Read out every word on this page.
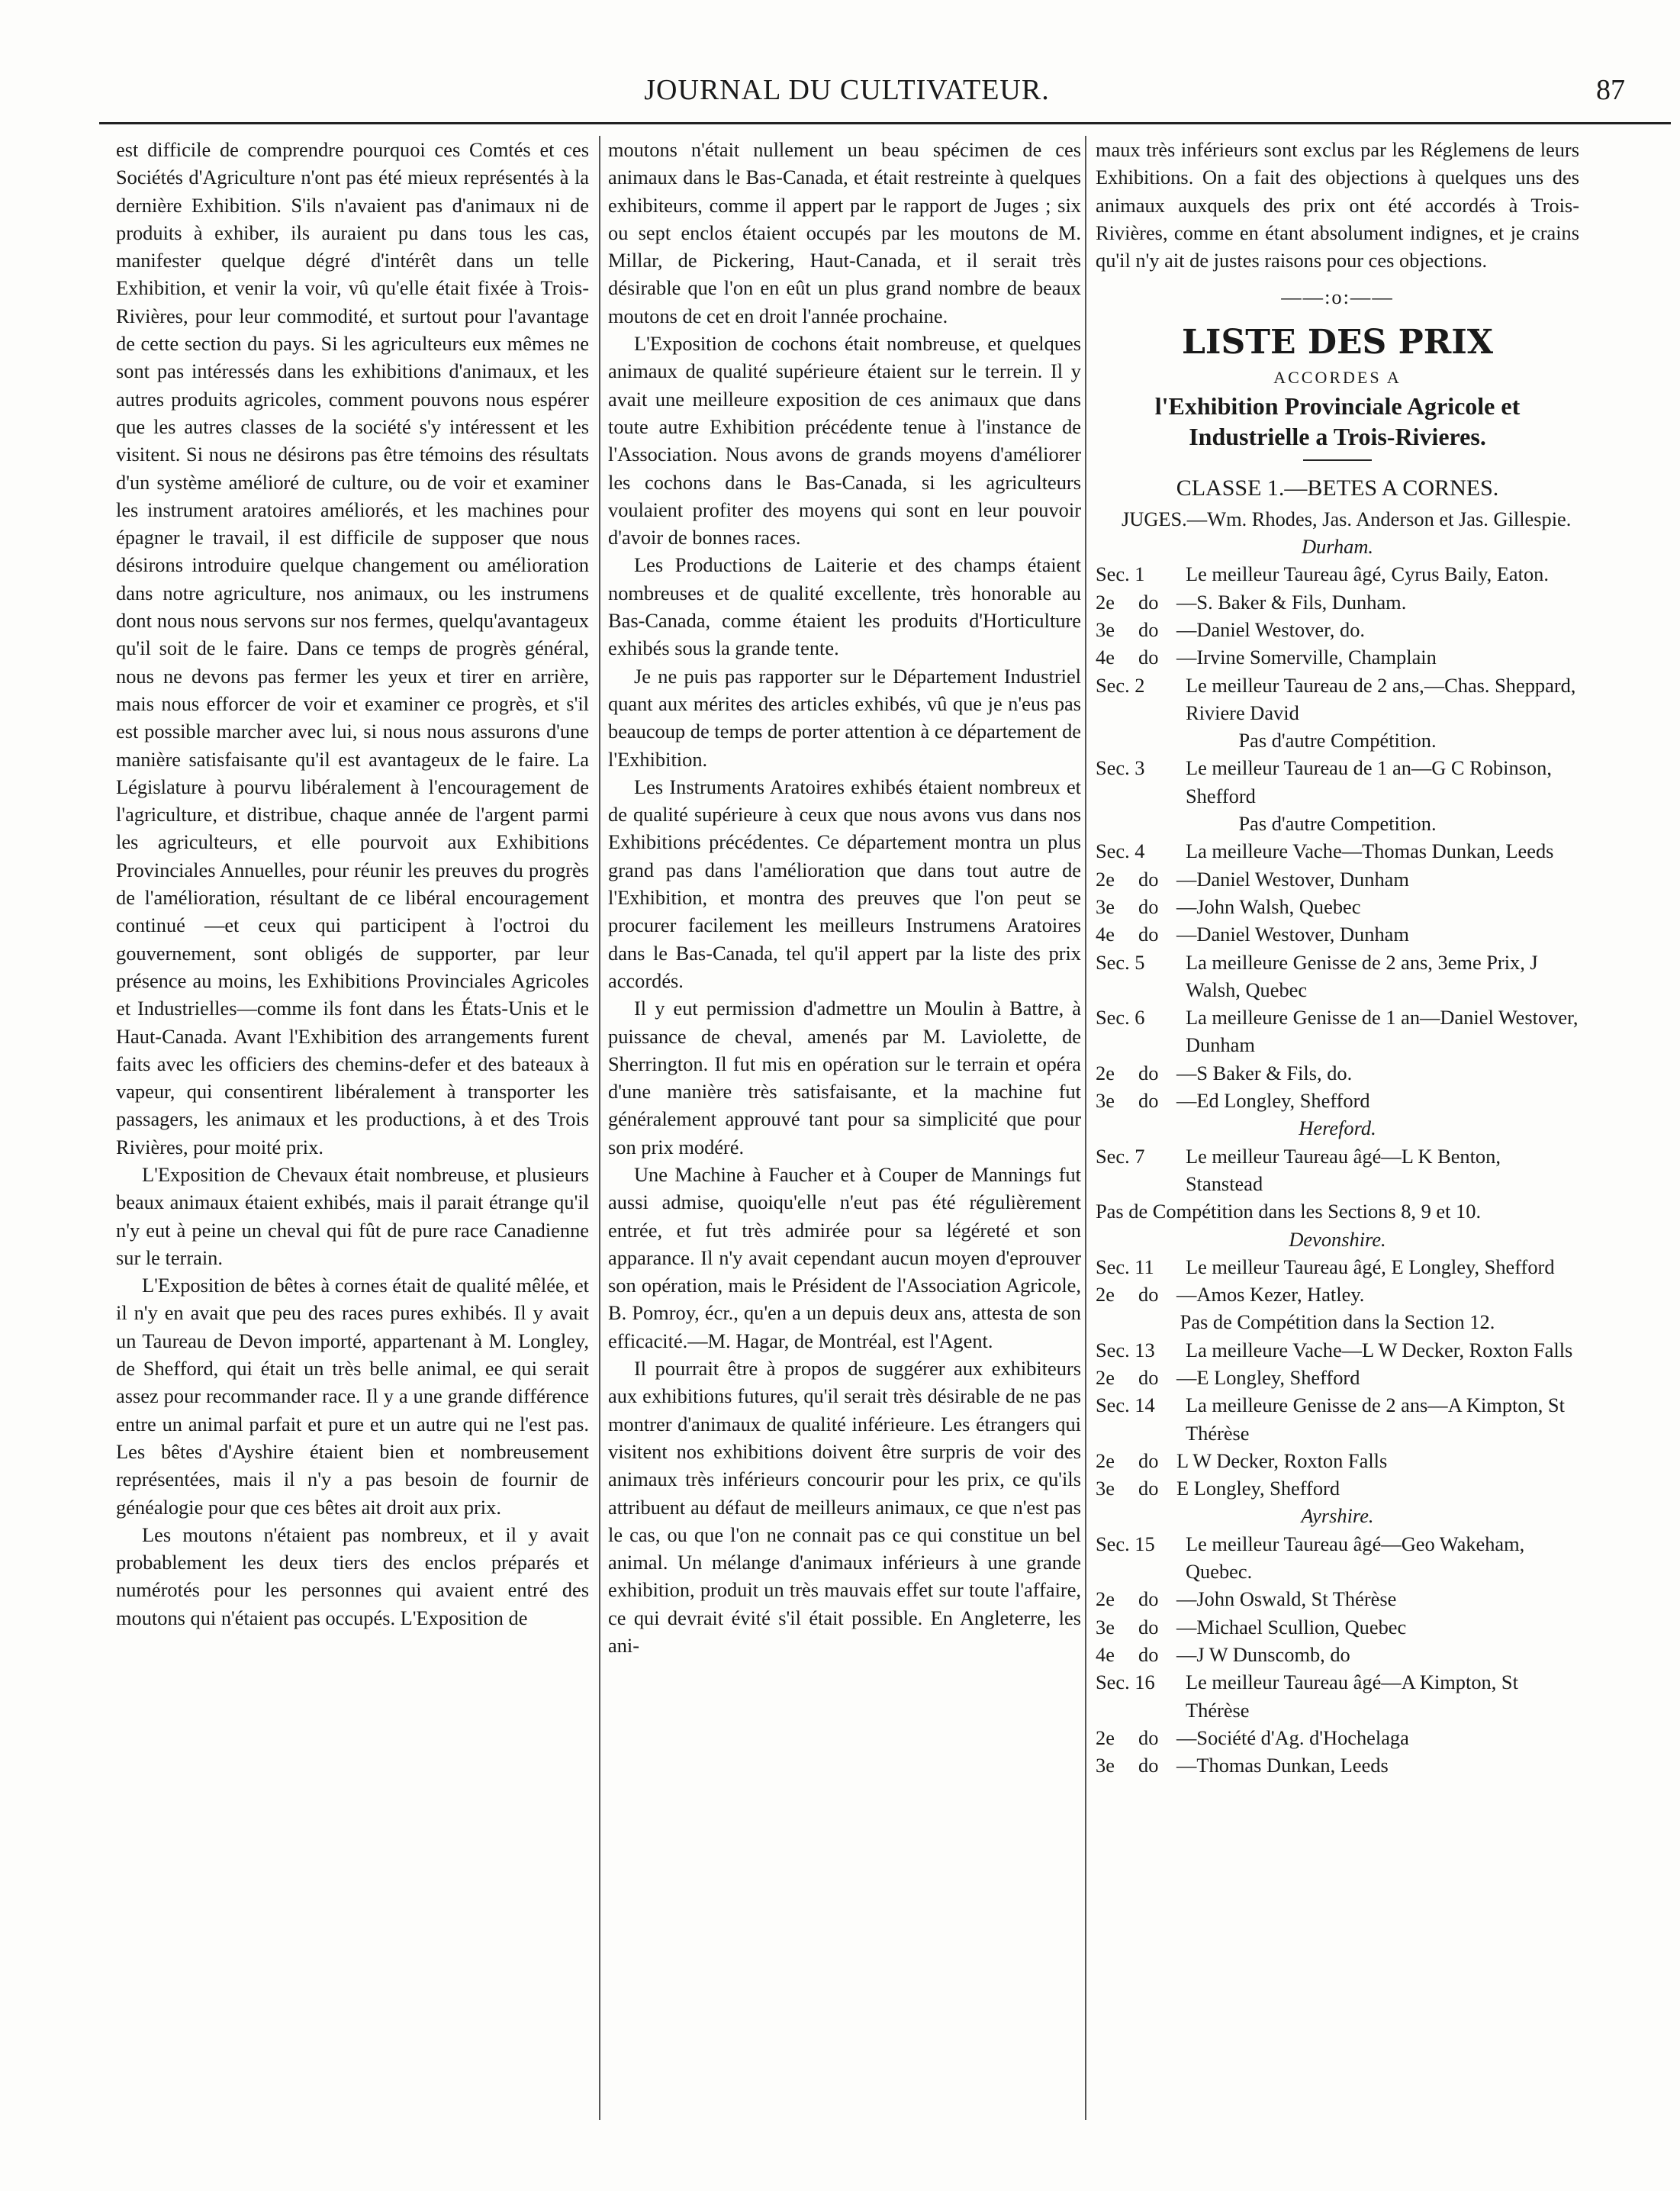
JOURNAL DU CULTIVATEUR.	87

est difficile de comprendre pourquoi ces Comtés et ces Sociétés d'Agriculture n'ont pas été mieux représentés à la dernière Exhibition. S'ils n'avaient pas d'animaux ni de produits à exhiber, ils auraient pu dans tous les cas, manifester quelque dégré d'intérêt dans un telle Exhibition, et venir la voir, vû qu'elle était fixée à Trois-Rivières, pour leur commodité, et surtout pour l'avantage de cette section du pays. Si les agriculteurs eux mêmes ne sont pas intéressés dans les exhibitions d'animaux, et les autres produits agricoles, comment pouvons nous espérer que les autres classes de la société s'y intéressent et les visitent. Si nous ne désirons pas être témoins des résultats d'un système amélioré de culture, ou de voir et examiner les instrument aratoires améliorés, et les machines pour épagner le travail, il est difficile de supposer que nous désirons introduire quelque changement ou amélioration dans notre agriculture, nos animaux, ou les instrumens dont nous nous servons sur nos fermes, quelqu'avantageux qu'il soit de le faire. Dans ce temps de progrès général, nous ne devons pas fermer les yeux et tirer en arrière, mais nous efforcer de voir et examiner ce progrès, et s'il est possible marcher avec lui, si nous nous assurons d'une manière satisfaisante qu'il est avantageux de le faire. La Législature à pourvu libéralement à l'encouragement de l'agriculture, et distribue, chaque année de l'argent parmi les agriculteurs, et elle pourvoit aux Exhibitions Provinciales Annuelles, pour réunir les preuves du progrès de l'amélioration, résultant de ce libéral encouragement continué —et ceux qui participent à l'octroi du gouvernement, sont obligés de supporter, par leur présence au moins, les Exhibitions Provinciales Agricoles et Industrielles—comme ils font dans les États-Unis et le Haut-Canada. Avant l'Exhibition des arrangements furent faits avec les officiers des chemins-defer et des bateaux à vapeur, qui consentirent libéralement à transporter les passagers, les animaux et les productions, à et des Trois Rivières, pour moité prix.

L'Exposition de Chevaux était nombreuse, et plusieurs beaux animaux étaient exhibés, mais il parait étrange qu'il n'y eut à peine un cheval qui fût de pure race Canadienne sur le terrain.

L'Exposition de bêtes à cornes était de qualité mêlée, et il n'y en avait que peu des races pures exhibés. Il y avait un Taureau de Devon importé, appartenant à M. Longley, de Shefford, qui était un très belle animal, ee qui serait assez pour recommander race. Il y a une grande différence entre un animal parfait et pure et un autre qui ne l'est pas. Les bêtes d'Ayshire étaient bien et nombreusement représentées, mais il n'y a pas besoin de fournir de généalogie pour que ces bêtes ait droit aux prix.

Les moutons n'étaient pas nombreux, et il y avait probablement les deux tiers des enclos préparés et numérotés pour les personnes qui avaient entré des moutons qui n'étaient pas occupés. L'Exposition de

moutons n'était nullement un beau spécimen de ces animaux dans le Bas-Canada, et était restreinte à quelques exhibiteurs, comme il appert par le rapport de Juges ; six ou sept enclos étaient occupés par les moutons de M. Millar, de Pickering, Haut-Canada, et il serait très désirable que l'on en eût un plus grand nombre de beaux moutons de cet en droit l'année prochaine.

L'Exposition de cochons était nombreuse, et quelques animaux de qualité supérieure étaient sur le terrein. Il y avait une meilleure exposition de ces animaux que dans toute autre Exhibition précédente tenue à l'instance de l'Association. Nous avons de grands moyens d'améliorer les cochons dans le Bas-Canada, si les agriculteurs voulaient profiter des moyens qui sont en leur pouvoir d'avoir de bonnes races.

Les Productions de Laiterie et des champs étaient nombreuses et de qualité excellente, très honorable au Bas-Canada, comme étaient les produits d'Horticulture exhibés sous la grande tente.

Je ne puis pas rapporter sur le Département Industriel quant aux mérites des articles exhibés, vû que je n'eus pas beaucoup de temps de porter attention à ce département de l'Exhibition.

Les Instruments Aratoires exhibés étaient nombreux et de qualité supérieure à ceux que nous avons vus dans nos Exhibitions précédentes. Ce département montra un plus grand pas dans l'amélioration que dans tout autre de l'Exhibition, et montra des preuves que l'on peut se procurer facilement les meilleurs Instrumens Aratoires dans le Bas-Canada, tel qu'il appert par la liste des prix accordés.

Il y eut permission d'admettre un Moulin à Battre, à puissance de cheval, amenés par M. Laviolette, de Sherrington. Il fut mis en opération sur le terrain et opéra d'une manière très satisfaisante, et la machine fut généralement approuvé tant pour sa simplicité que pour son prix modéré.

Une Machine à Faucher et à Couper de Mannings fut aussi admise, quoiqu'elle n'eut pas été régulièrement entrée, et fut très admirée pour sa légéreté et son apparance. Il n'y avait cependant aucun moyen d'eprouver son opération, mais le Président de l'Association Agricole, B. Pomroy, écr., qu'en a un depuis deux ans, attesta de son efficacité.—M. Hagar, de Montréal, est l'Agent.

Il pourrait être à propos de suggérer aux exhibiteurs aux exhibitions futures, qu'il serait très désirable de ne pas montrer d'animaux de qualité inférieure. Les étrangers qui visitent nos exhibitions doivent être surpris de voir des animaux très inférieurs concourir pour les prix, ce qu'ils attribuent au défaut de meilleurs animaux, ce que n'est pas le cas, ou que l'on ne connait pas ce qui constitue un bel animal. Un mélange d'animaux inférieurs à une grande exhibition, produit un très mauvais effet sur toute l'affaire, ce qui devrait évité s'il était possible. En Angleterre, les ani-

maux très inférieurs sont exclus par les Réglemens de leurs Exhibitions. On a fait des objections à quelques uns des animaux auxquels des prix ont été accordés à Trois-Rivières, comme en étant absolument indignes, et je crains qu'il n'y ait de justes raisons pour ces objections.

——:o:——
LISTE DES PRIX
ACCORDES A
l'Exhibition Provinciale Agricole et Industrielle a Trois-Rivieres.
CLASSE 1.—BETES A CORNES.

JUGES.—Wm. Rhodes, Jas. Anderson et Jas. Gillespie.

Durham.
Sec. 1	Le meilleur Taureau âgé, Cyrus Baily, Eaton.
2e	do —S. Baker & Fils, Dunham.
3e	do —Daniel Westover, do.
4e	do —Irvine Somerville, Champlain
Sec. 2	Le meilleur Taureau de 2 ans,—Chas. Sheppard, Riviere David
Pas d'autre Compétition.
Sec. 3	Le meilleur Taureau de 1 an—G C Robinson, Shefford
Pas d'autre Competition.
Sec. 4	La meilleure Vache—Thomas Dunkan, Leeds
2e	do —Daniel Westover, Dunham
3e	do —John Walsh, Quebec
4e	do —Daniel Westover, Dunham
Sec. 5	La meilleure Genisse de 2 ans, 3eme Prix, J Walsh, Quebec
Sec. 6	La meilleure Genisse de 1 an—Daniel Westover, Dunham
2e	do —S Baker & Fils, do.
3e	do —Ed Longley, Shefford
Hereford.
Sec. 7	Le meilleur Taureau âgé—L K Benton, Stanstead
Pas de Compétition dans les Sections 8, 9 et 10.
Devonshire.
Sec. 11	Le meilleur Taureau âgé, E Longley, Shefford
2e	do —Amos Kezer, Hatley.
Pas de Compétition dans la Section 12.
Sec. 13	La meilleure Vache—L W Decker, Roxton Falls
2e	do —E Longley, Shefford
Sec. 14	La meilleure Genisse de 2 ans—A Kimpton, St Thérèse
2e	do L W Decker, Roxton Falls
3e	do E Longley, Shefford
Ayrshire.
Sec. 15	Le meilleur Taureau âgé—Geo Wakeham, Quebec.
2e	do —John Oswald, St Thérèse
3e	do —Michael Scullion, Quebec
4e	do —J W Dunscomb, do
Sec. 16	Le meilleur Taureau âgé—A Kimpton, St Thérèse
2e	do —Société d'Ag. d'Hochelaga
3e	do —Thomas Dunkan, Leeds
